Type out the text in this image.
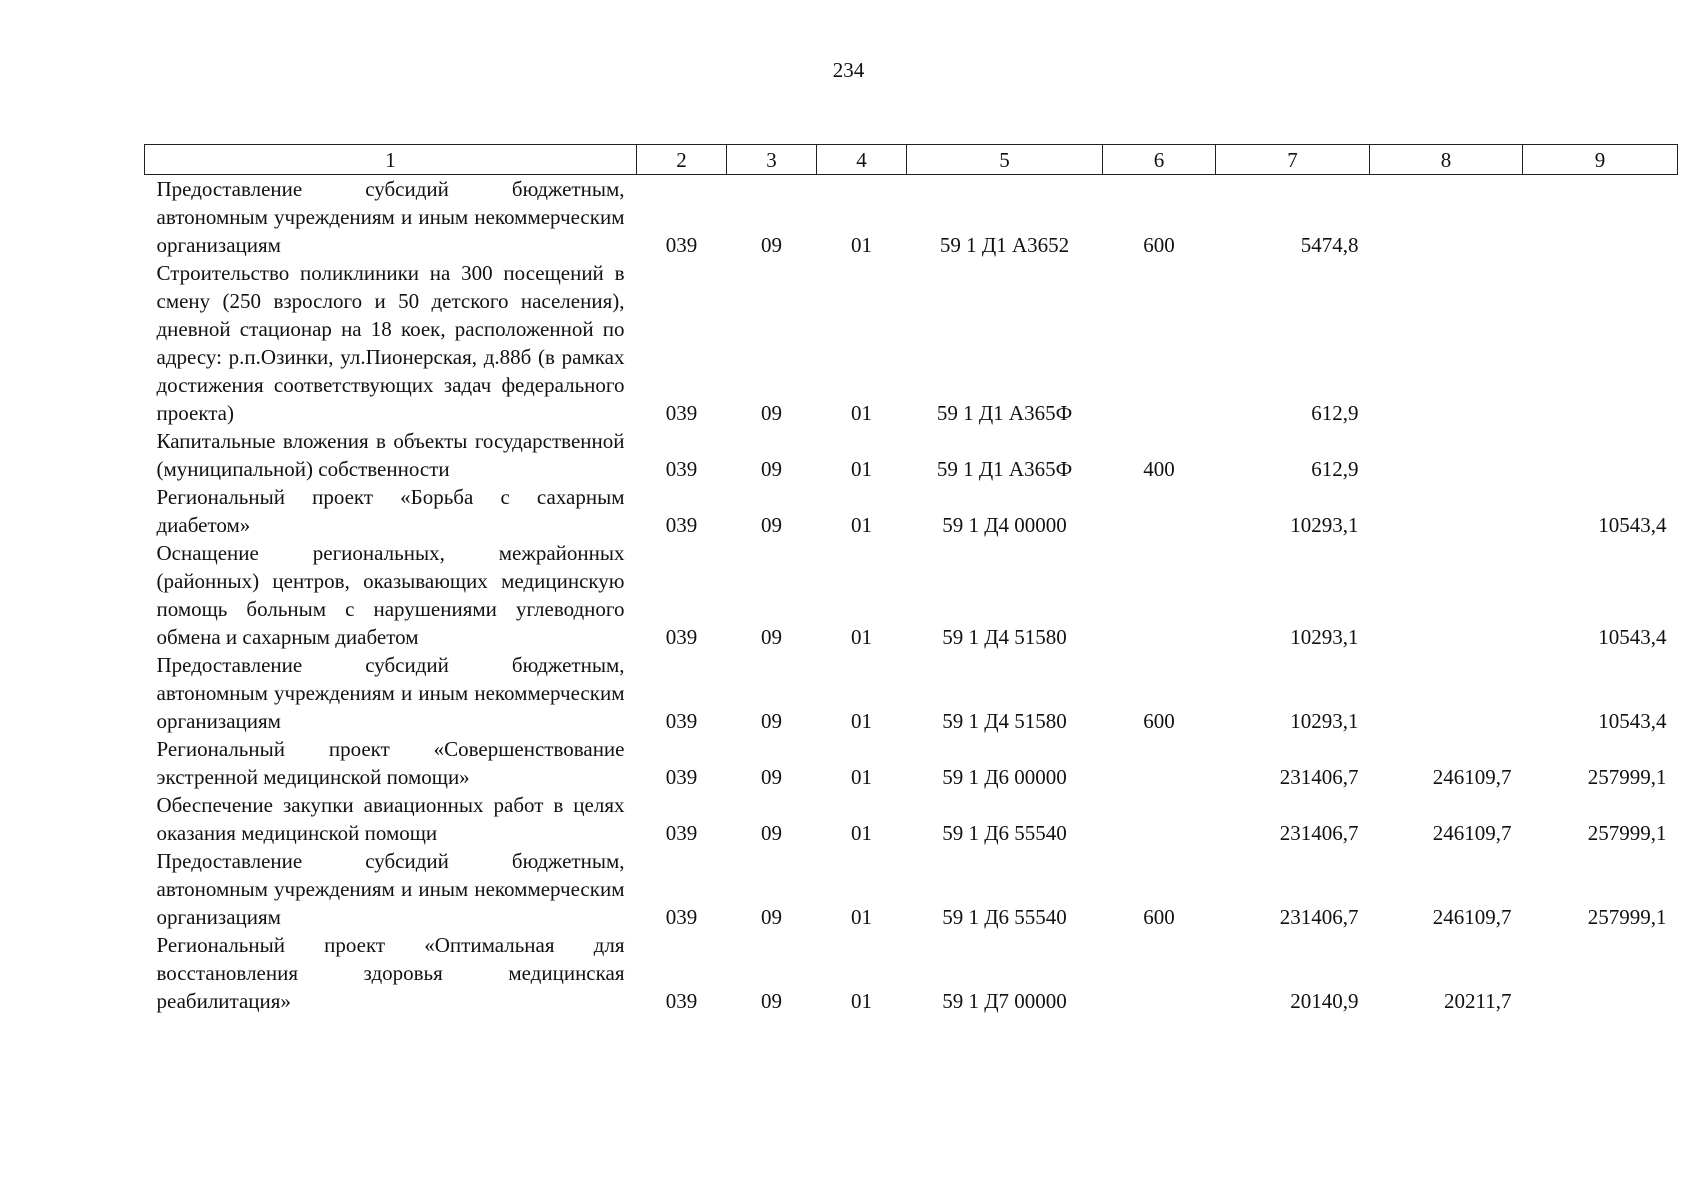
234
1	2	3	4	5	6	7	8	9
Предоставление субсидий бюджетным, автономным учреждениям и иным некоммерческим организациям	039	09	01	59 1 Д1 А3652	600	5474,8		
Строительство поликлиники на 300 посещений в смену (250 взрослого и 50 детского населения), дневной стационар на 18 коек, расположенной по адресу: р.п.Озинки, ул.Пионерская, д.88б (в рамках достижения соответствующих задач федерального проекта)	039	09	01	59 1 Д1 А365Ф		612,9		
Капитальные вложения в объекты государственной (муниципальной) собственности	039	09	01	59 1 Д1 А365Ф	400	612,9		
Региональный проект «Борьба с сахарным диабетом»	039	09	01	59 1 Д4 00000		10293,1		10543,4
Оснащение региональных, межрайонных (районных) центров, оказывающих медицинскую помощь больным с нарушениями углеводного обмена и сахарным диабетом	039	09	01	59 1 Д4 51580		10293,1		10543,4
Предоставление субсидий бюджетным, автономным учреждениям и иным некоммерческим организациям	039	09	01	59 1 Д4 51580	600	10293,1		10543,4
Региональный проект «Совершенствование экстренной медицинской помощи»	039	09	01	59 1 Д6 00000		231406,7	246109,7	257999,1
Обеспечение закупки авиационных работ в целях оказания медицинской помощи	039	09	01	59 1 Д6 55540		231406,7	246109,7	257999,1
Предоставление субсидий бюджетным, автономным учреждениям и иным некоммерческим организациям	039	09	01	59 1 Д6 55540	600	231406,7	246109,7	257999,1
Региональный проект «Оптимальная для восстановления здоровья медицинская реабилитация»	039	09	01	59 1 Д7 00000		20140,9	20211,7	
